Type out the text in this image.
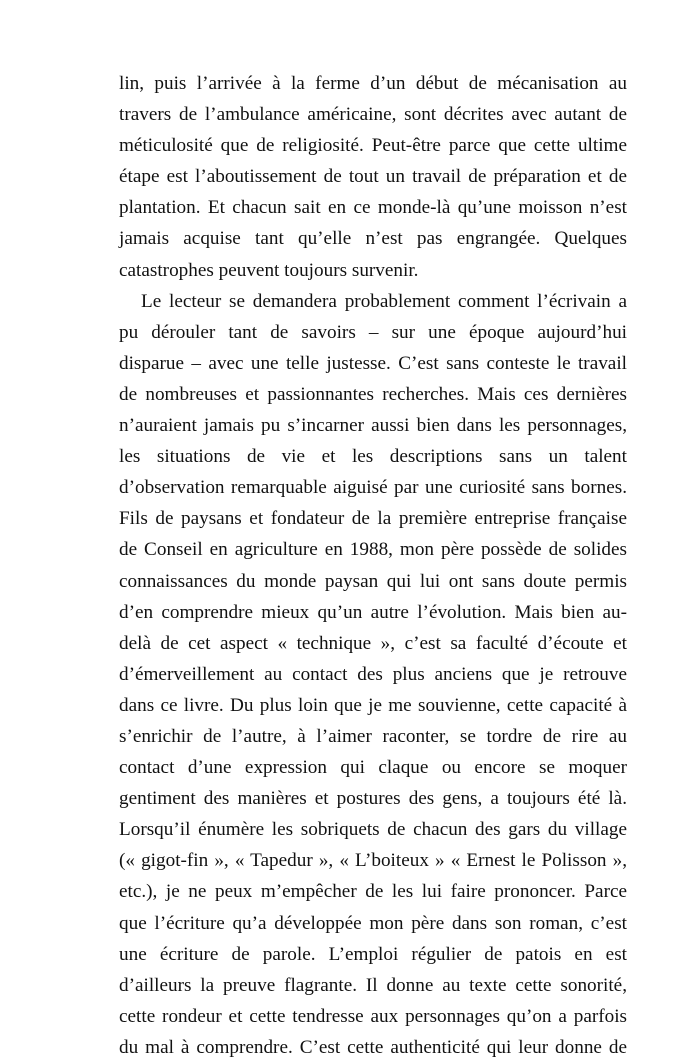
lin, puis l’arrivée à la ferme d’un début de mécanisation au
travers de l’ambulance américaine, sont décrites avec autant de
méticulosité que de religiosité. Peut-être parce que cette ultime
étape est l’aboutissement de tout un travail de préparation et de
plantation. Et chacun sait en ce monde-là qu’une moisson n’est
jamais acquise tant qu’elle n’est pas engrangée. Quelques
catastrophes peuvent toujours survenir.
Le lecteur se demandera probablement comment l’écrivain a
pu dérouler tant de savoirs – sur une époque aujourd’hui
disparue – avec une telle justesse. C’est sans conteste le travail
de nombreuses et passionnantes recherches. Mais ces dernières
n’auraient jamais pu s’incarner aussi bien dans les personnages,
les situations de vie et les descriptions sans un talent
d’observation remarquable aiguisé par une curiosité sans bornes.
Fils de paysans et fondateur de la première entreprise française
de Conseil en agriculture en 1988, mon père possède de solides
connaissances du monde paysan qui lui ont sans doute permis
d’en comprendre mieux qu’un autre l’évolution. Mais bien au-
delà de cet aspect « technique », c’est sa faculté d’écoute et
d’émerveillement au contact des plus anciens que je retrouve
dans ce livre. Du plus loin que je me souvienne, cette capacité à
s’enrichir de l’autre, à l’aimer raconter, se tordre de rire au
contact d’une expression qui claque ou encore se moquer
gentiment des manières et postures des gens, a toujours été là.
Lorsqu’il énumère les sobriquets de chacun des gars du village
(« gigot-fin », « Tapedur », « L’boiteux » « Ernest le Polisson »,
etc.), je ne peux m’empêcher de les lui faire prononcer. Parce
que l’écriture qu’a développée mon père dans son roman, c’est
une écriture de parole. L’emploi régulier de patois en est
d’ailleurs la preuve flagrante. Il donne au texte cette sonorité,
cette rondeur et cette tendresse aux personnages qu’on a parfois
du mal à comprendre. C’est cette authenticité qui leur donne de
